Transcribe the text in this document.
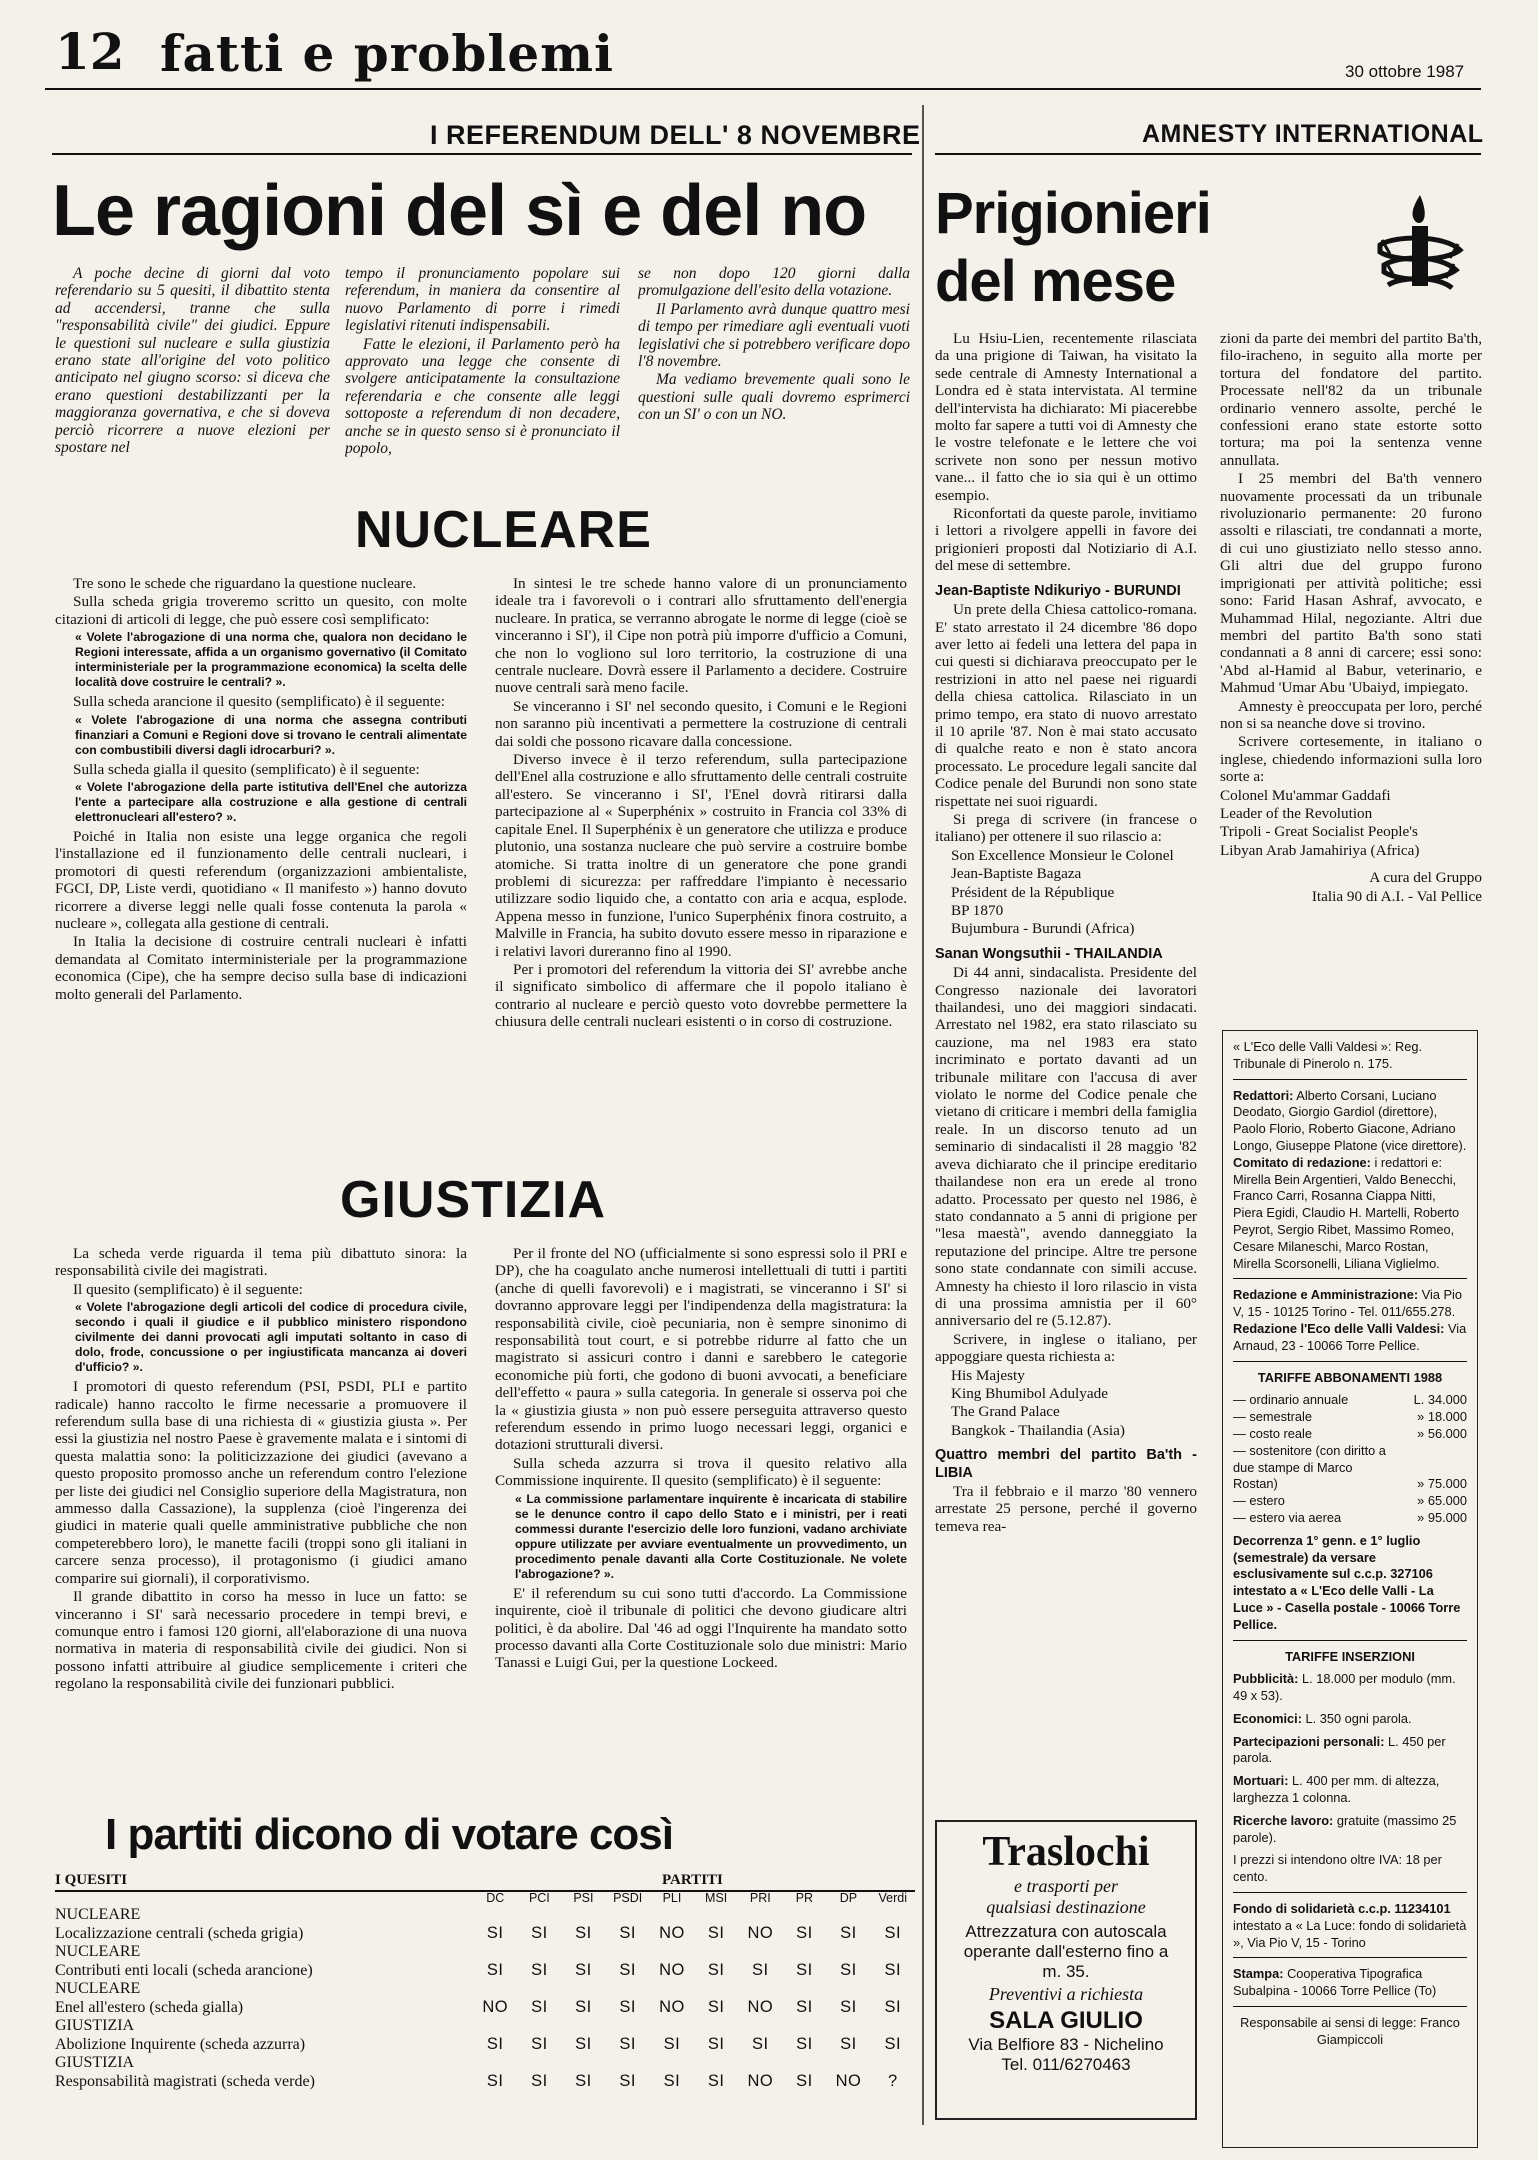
12 fatti e problemi	30 ottobre 1987
I REFERENDUM DELL' 8 NOVEMBRE
Le ragioni del sì e del no

A poche decine di giorni dal voto referendario su 5 quesiti, il dibattito stenta ad accendersi, tranne che sulla "responsabilità civile" dei giudici. Eppure le questioni sul nucleare e sulla giustizia erano state all'origine del voto politico anticipato nel giugno scorso: si diceva che erano questioni destabilizzanti per la maggioranza governativa, e che si doveva perciò ricorrere a nuove elezioni per spostare nel

tempo il pronunciamento popolare sui referendum, in maniera da consentire al nuovo Parlamento di porre i rimedi legislativi ritenuti indispensabili.

Fatte le elezioni, il Parlamento però ha approvato una legge che consente di svolgere anticipatamente la consultazione referendaria e che consente alle leggi sottoposte a referendum di non decadere, anche se in questo senso si è pronunciato il popolo,

se non dopo 120 giorni dalla promulgazione dell'esito della votazione.

Il Parlamento avrà dunque quattro mesi di tempo per rimediare agli eventuali vuoti legislativi che si potrebbero verificare dopo l'8 novembre.

Ma vediamo brevemente quali sono le questioni sulle quali dovremo esprimerci con un SI' o con un NO.

NUCLEARE

Tre sono le schede che riguardano la questione nucleare.

Sulla scheda grigia troveremo scritto un quesito, con molte citazioni di articoli di legge, che può essere così semplificato:

« Volete l'abrogazione di una norma che, qualora non decidano le Regioni interessate, affida a un organismo governativo (il Comitato interministeriale per la programmazione economica) la scelta delle località dove costruire le centrali? ».

Sulla scheda arancione il quesito (semplificato) è il seguente:

« Volete l'abrogazione di una norma che assegna contributi finanziari a Comuni e Regioni dove si trovano le centrali alimentate con combustibili diversi dagli idrocarburi? ».

Sulla scheda gialla il quesito (semplificato) è il seguente:

« Volete l'abrogazione della parte istitutiva dell'Enel che autorizza l'ente a partecipare alla costruzione e alla gestione di centrali elettronucleari all'estero? ».

Poiché in Italia non esiste una legge organica che regoli l'installazione ed il funzionamento delle centrali nucleari, i promotori di questi referendum (organizzazioni ambientaliste, FGCI, DP, Liste verdi, quotidiano « Il manifesto ») hanno dovuto ricorrere a diverse leggi nelle quali fosse contenuta la parola « nucleare », collegata alla gestione di centrali.

In Italia la decisione di costruire centrali nucleari è infatti demandata al Comitato interministeriale per la programmazione economica (Cipe), che ha sempre deciso sulla base di indicazioni molto generali del Parlamento.

In sintesi le tre schede hanno valore di un pronunciamento ideale tra i favorevoli o i contrari allo sfruttamento dell'energia nucleare. In pratica, se verranno abrogate le norme di legge (cioè se vinceranno i SI'), il Cipe non potrà più imporre d'ufficio a Comuni, che non lo vogliono sul loro territorio, la costruzione di una centrale nucleare. Dovrà essere il Parlamento a decidere. Costruire nuove centrali sarà meno facile.

Se vinceranno i SI' nel secondo quesito, i Comuni e le Regioni non saranno più incentivati a permettere la costruzione di centrali dai soldi che possono ricavare dalla concessione.

Diverso invece è il terzo referendum, sulla partecipazione dell'Enel alla costruzione e allo sfruttamento delle centrali costruite all'estero. Se vinceranno i SI', l'Enel dovrà ritirarsi dalla partecipazione al « Superphénix » costruito in Francia col 33% di capitale Enel. Il Superphénix è un generatore che utilizza e produce plutonio, una sostanza nucleare che può servire a costruire bombe atomiche. Si tratta inoltre di un generatore che pone grandi problemi di sicurezza: per raffreddare l'impianto è necessario utilizzare sodio liquido che, a contatto con aria e acqua, esplode. Appena messo in funzione, l'unico Superphénix finora costruito, a Malville in Francia, ha subito dovuto essere messo in riparazione e i relativi lavori dureranno fino al 1990.

Per i promotori del referendum la vittoria dei SI' avrebbe anche il significato simbolico di affermare che il popolo italiano è contrario al nucleare e perciò questo voto dovrebbe permettere la chiusura delle centrali nucleari esistenti o in corso di costruzione.

GIUSTIZIA

La scheda verde riguarda il tema più dibattuto sinora: la responsabilità civile dei magistrati.

Il quesito (semplificato) è il seguente:

« Volete l'abrogazione degli articoli del codice di procedura civile, secondo i quali il giudice e il pubblico ministero rispondono civilmente dei danni provocati agli imputati soltanto in caso di dolo, frode, concussione o per ingiustificata mancanza ai doveri d'ufficio? ».

I promotori di questo referendum (PSI, PSDI, PLI e partito radicale) hanno raccolto le firme necessarie a promuovere il referendum sulla base di una richiesta di « giustizia giusta ». Per essi la giustizia nel nostro Paese è gravemente malata e i sintomi di questa malattia sono: la politicizzazione dei giudici (avevano a questo proposito promosso anche un referendum contro l'elezione per liste dei giudici nel Consiglio superiore della Magistratura, non ammesso dalla Cassazione), la supplenza (cioè l'ingerenza dei giudici in materie quali quelle amministrative pubbliche che non competerebbero loro), le manette facili (troppi sono gli italiani in carcere senza processo), il protagonismo (i giudici amano comparire sui giornali), il corporativismo.

Il grande dibattito in corso ha messo in luce un fatto: se vinceranno i SI' sarà necessario procedere in tempi brevi, e comunque entro i famosi 120 giorni, all'elaborazione di una nuova normativa in materia di responsabilità civile dei giudici. Non si possono infatti attribuire al giudice semplicemente i criteri che regolano la responsabilità civile dei funzionari pubblici.

Per il fronte del NO (ufficialmente si sono espressi solo il PRI e DP), che ha coagulato anche numerosi intellettuali di tutti i partiti (anche di quelli favorevoli) e i magistrati, se vinceranno i SI' si dovranno approvare leggi per l'indipendenza della magistratura: la responsabilità civile, cioè pecuniaria, non è sempre sinonimo di responsabilità tout court, e si potrebbe ridurre al fatto che un magistrato si assicuri contro i danni e sarebbero le categorie economiche più forti, che godono di buoni avvocati, a beneficiare dell'effetto « paura » sulla categoria. In generale si osserva poi che la « giustizia giusta » non può essere perseguita attraverso questo referendum essendo in primo luogo necessari leggi, organici e dotazioni strutturali diversi.

Sulla scheda azzurra si trova il quesito relativo alla Commissione inquirente. Il quesito (semplificato) è il seguente:

« La commissione parlamentare inquirente è incaricata di stabilire se le denunce contro il capo dello Stato e i ministri, per i reati commessi durante l'esercizio delle loro funzioni, vadano archiviate oppure utilizzate per avviare eventualmente un provvedimento, un procedimento penale davanti alla Corte Costituzionale. Ne volete l'abrogazione? ».

E' il referendum su cui sono tutti d'accordo. La Commissione inquirente, cioè il tribunale di politici che devono giudicare altri politici, è da abolire. Dal '46 ad oggi l'Inquirente ha mandato sotto processo davanti alla Corte Costituzionale solo due ministri: Mario Tanassi e Luigi Gui, per la questione Lockeed.

I partiti dicono di votare così
I QUESITI	PARTITI
	DC	PCI	PSI	PSDI	PLI	MSI	PRI	PR	DP	Verdi
NUCLEARE										
Localizzazione centrali (scheda grigia)	SI	SI	SI	SI	NO	SI	NO	SI	SI	SI
NUCLEARE										
Contributi enti locali (scheda arancione)	SI	SI	SI	SI	NO	SI	SI	SI	SI	SI
NUCLEARE										
Enel all'estero (scheda gialla)	NO	SI	SI	SI	NO	SI	NO	SI	SI	SI
GIUSTIZIA										
Abolizione Inquirente (scheda azzurra)	SI	SI	SI	SI	SI	SI	SI	SI	SI	SI
GIUSTIZIA										
Responsabilità magistrati (scheda verde)	SI	SI	SI	SI	SI	SI	NO	SI	NO	?
AMNESTY INTERNATIONAL
Prigionieri
del mese

Lu Hsiu-Lien, recentemente rilasciata da una prigione di Taiwan, ha visitato la sede centrale di Amnesty International a Londra ed è stata intervistata. Al termine dell'intervista ha dichiarato: Mi piacerebbe molto far sapere a tutti voi di Amnesty che le vostre telefonate e le lettere che voi scrivete non sono per nessun motivo vane... il fatto che io sia qui è un ottimo esempio.

Riconfortati da queste parole, invitiamo i lettori a rivolgere appelli in favore dei prigionieri proposti dal Notiziario di A.I. del mese di settembre.

Jean-Baptiste Ndikuriyo - BURUNDI

Un prete della Chiesa cattolico-romana. E' stato arrestato il 24 dicembre '86 dopo aver letto ai fedeli una lettera del papa in cui questi si dichiarava preoccupato per le restrizioni in atto nel paese nei riguardi della chiesa cattolica. Rilasciato in un primo tempo, era stato di nuovo arrestato il 10 aprile '87. Non è mai stato accusato di qualche reato e non è stato ancora processato. Le procedure legali sancite dal Codice penale del Burundi non sono state rispettate nei suoi riguardi.

Si prega di scrivere (in francese o italiano) per ottenere il suo rilascio a:

Son Excellence Monsieur le Colonel

Jean-Baptiste Bagaza

Président de la République

BP 1870

Bujumbura - Burundi (Africa)

Sanan Wongsuthii - THAILANDIA

Di 44 anni, sindacalista. Presidente del Congresso nazionale dei lavoratori thailandesi, uno dei maggiori sindacati. Arrestato nel 1982, era stato rilasciato su cauzione, ma nel 1983 era stato incriminato e portato davanti ad un tribunale militare con l'accusa di aver violato le norme del Codice penale che vietano di criticare i membri della famiglia reale. In un discorso tenuto ad un seminario di sindacalisti il 28 maggio '82 aveva dichiarato che il principe ereditario thailandese non era un erede al trono adatto. Processato per questo nel 1986, è stato condannato a 5 anni di prigione per "lesa maestà", avendo danneggiato la reputazione del principe. Altre tre persone sono state condannate con simili accuse. Amnesty ha chiesto il loro rilascio in vista di una prossima amnistia per il 60° anniversario del re (5.12.87).

Scrivere, in inglese o italiano, per appoggiare questa richiesta a:

His Majesty

King Bhumibol Adulyade

The Grand Palace

Bangkok - Thailandia (Asia)

Quattro membri del partito Ba'th - LIBIA

Tra il febbraio e il marzo '80 vennero arrestate 25 persone, perché il governo temeva rea-

zioni da parte dei membri del partito Ba'th, filo-iracheno, in seguito alla morte per tortura del fondatore del partito. Processate nell'82 da un tribunale ordinario vennero assolte, perché le confessioni erano state estorte sotto tortura; ma poi la sentenza venne annullata.

I 25 membri del Ba'th vennero nuovamente processati da un tribunale rivoluzionario permanente: 20 furono assolti e rilasciati, tre condannati a morte, di cui uno giustiziato nello stesso anno. Gli altri due del gruppo furono imprigionati per attività politiche; essi sono: Farid Hasan Ashraf, avvocato, e Muhammad Hilal, negoziante. Altri due membri del partito Ba'th sono stati condannati a 8 anni di carcere; essi sono: 'Abd al-Hamid al Babur, veterinario, e Mahmud 'Umar Abu 'Ubaiyd, impiegato.

Amnesty è preoccupata per loro, perché non si sa neanche dove si trovino.

Scrivere cortesemente, in italiano o inglese, chiedendo informazioni sulla loro sorte a:

Colonel Mu'ammar Gaddafi

Leader of the Revolution

Tripoli - Great Socialist People's

Libyan Arab Jamahiriya (Africa)

A cura del Gruppo

Italia 90 di A.I. - Val Pellice

« L'Eco delle Valli Valdesi »: Reg. Tribunale di Pinerolo n. 175.

Redattori: Alberto Corsani, Luciano Deodato, Giorgio Gardiol (direttore), Paolo Florio, Roberto Giacone, Adriano Longo, Giuseppe Platone (vice direttore). Comitato di redazione: i redattori e: Mirella Bein Argentieri, Valdo Benecchi, Franco Carri, Rosanna Ciappa Nitti, Piera Egidi, Claudio H. Martelli, Roberto Peyrot, Sergio Ribet, Massimo Romeo, Cesare Milaneschi, Marco Rostan, Mirella Scorsonelli, Liliana Viglielmo.

Redazione e Amministrazione: Via Pio V, 15 - 10125 Torino - Tel. 011/655.278. Redazione l'Eco delle Valli Valdesi: Via Arnaud, 23 - 10066 Torre Pellice.

TARIFFE ABBONAMENTI 1988

— ordinario annuale	L. 34.000
— semestrale	» 18.000
— costo reale	» 56.000
— sostenitore (con diritto a due stampe di Marco Rostan)	» 75.000
— estero	» 65.000
— estero via aerea	» 95.000

Decorrenza 1° genn. e 1° luglio (semestrale) da versare esclusivamente sul c.c.p. 327106 intestato a « L'Eco delle Valli - La Luce » - Casella postale - 10066 Torre Pellice.

TARIFFE INSERZIONI

Pubblicità: L. 18.000 per modulo (mm. 49 x 53).

Economici: L. 350 ogni parola.

Partecipazioni personali: L. 450 per parola.

Mortuari: L. 400 per mm. di altezza, larghezza 1 colonna.

Ricerche lavoro: gratuite (massimo 25 parole).

I prezzi si intendono oltre IVA: 18 per cento.

Fondo di solidarietà c.c.p. 11234101 intestato a « La Luce: fondo di solidarietà », Via Pio V, 15 - Torino

Stampa: Cooperativa Tipografica Subalpina - 10066 Torre Pellice (To)

Responsabile ai sensi di legge: Franco Giampiccoli

Traslochi
e trasporti per
qualsiasi destinazione
Attrezzatura con autoscala
operante dall'esterno fino a
m. 35.
Preventivi a richiesta
SALA GIULIO
Via Belfiore 83 - Nichelino
Tel. 011/6270463
